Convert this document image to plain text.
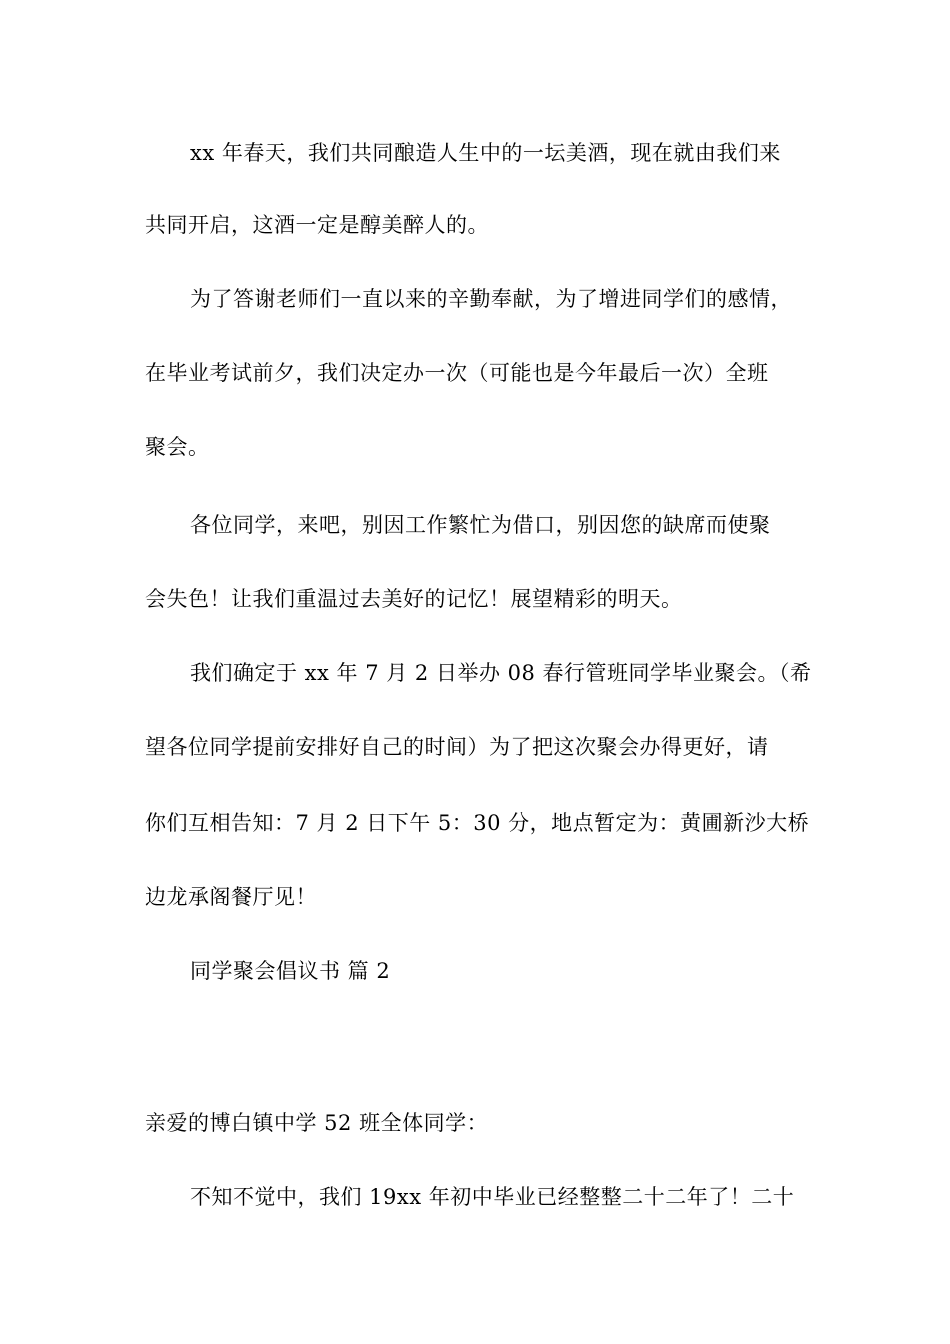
xx 年春天，我们共同酿造人生中的一坛美酒，现在就由我们来
共同开启，这酒一定是醇美醉人的。
为了答谢老师们一直以来的辛勤奉献，为了增进同学们的感情，
在毕业考试前夕，我们决定办一次（可能也是今年最后一次）全班
聚会。
各位同学，来吧，别因工作繁忙为借口，别因您的缺席而使聚
会失色！让我们重温过去美好的记忆！展望精彩的明天。
我们确定于 xx 年 7 月 2 日举办 08 春行管班同学毕业聚会。（希
望各位同学提前安排好自己的时间）为了把这次聚会办得更好，请
你们互相告知：7 月 2 日下午 5：30 分，地点暂定为：黄圃新沙大桥
边龙承阁餐厅见！
同学聚会倡议书 篇 2
亲爱的博白镇中学 52 班全体同学：
不知不觉中，我们 19xx 年初中毕业已经整整二十二年了！二十
